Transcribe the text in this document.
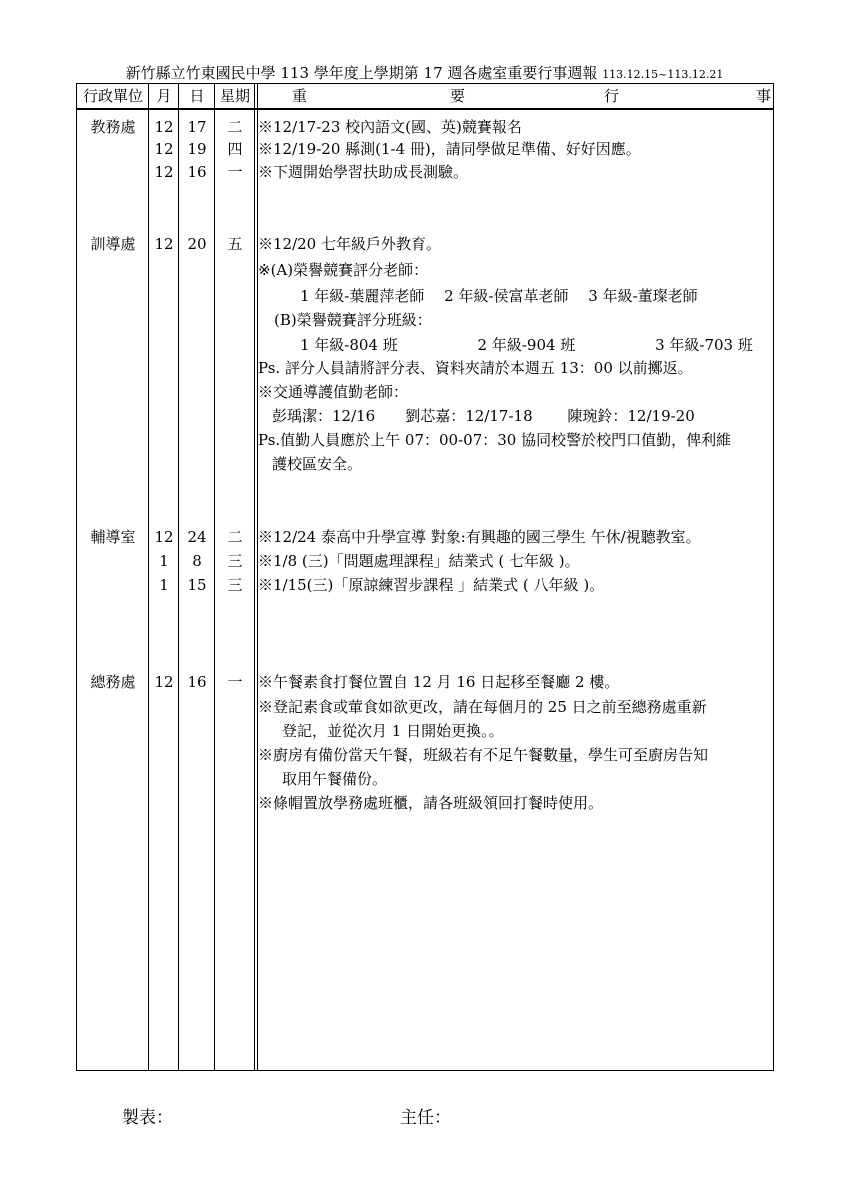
新竹縣立竹東國民中學 113 學年度上學期第 17 週各處室重要行事週報 113.12.15~113.12.21
行政單位 月	日	星期	重	要	行	事
教務處	12 17	二	※12/17-23 校內語文(國、英)競賽報名
12 19	四	※12/19-20 縣測(1-4 冊)，請同學做足準備、好好因應。
12 16	一	※下週開始學習扶助成長測驗。
訓導處	12 20	五	※12/20 七年級戶外教育。
※(A)榮譽競賽評分老師：
1 年級-葉麗萍老師　 2 年級-侯富革老師　 3 年級-董璨老師
(B)榮譽競賽評分班級：
1 年級-804 班　　　　　 2 年級-904 班　　　　　 3 年級-703 班
Ps. 評分人員請將評分表、資料夾請於本週五 13：00 以前擲返。
※交通導護值勤老師：
彭瑀潔：12/16　　劉芯嘉：12/17-18　　 陳琬鈴：12/19-20
Ps.值勤人員應於上午 07：00-07：30 協同校警於校門口值勤，俾利維
護校區安全。
輔導室	12 24	二	※12/24 泰高中升學宣導 對象:有興趣的國三學生 午休/視聽教室。
1	8	三	※1/8 (三)「問題處理課程」結業式 ( 七年級 )。
1	15	三	※1/15(三)「原諒練習步課程 」結業式 ( 八年級 )。
總務處	12 16	一	※午餐素食打餐位置自 12 月 16 日起移至餐廳 2 樓。
※登記素食或葷食如欲更改，請在每個月的 25 日之前至總務處重新
登記，並從次月 1 日開始更換。。
※廚房有備份當天午餐，班級若有不足午餐數量，學生可至廚房告知
取用午餐備份。
※條帽置放學務處班櫃，請各班級領回打餐時使用。
製表：	主任：
